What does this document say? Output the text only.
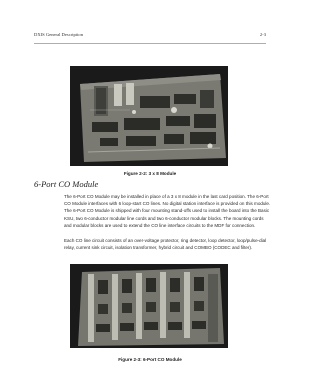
DXIS General Description	2-3
Figure 2-2: 3 x 8 Module
6-Port CO Module

The 6-Port CO Module may be installed in place of a 3 x 8 module in the last card position. The 6-Port CO Module interfaces with 6 loop-start CO lines. No digital station interface is provided on this module. The 6-Port CO Module is shipped with four mounting stand-offs used to install the board into the Basic KSU, two 6-conductor modular line cords and two 6-conductor modular blocks. The mounting cords and modular blocks are used to extend the CO line interface circuits to the MDF for connection.

Each CO line circuit consists of an over-voltage protector, ring detector, loop detector, loop/pulse-dial relay, current sink circuit, isolation transformer, hybrid circuit and COMBO (CODEC and filter).

Figure 2-3: 6-Port CO Module
